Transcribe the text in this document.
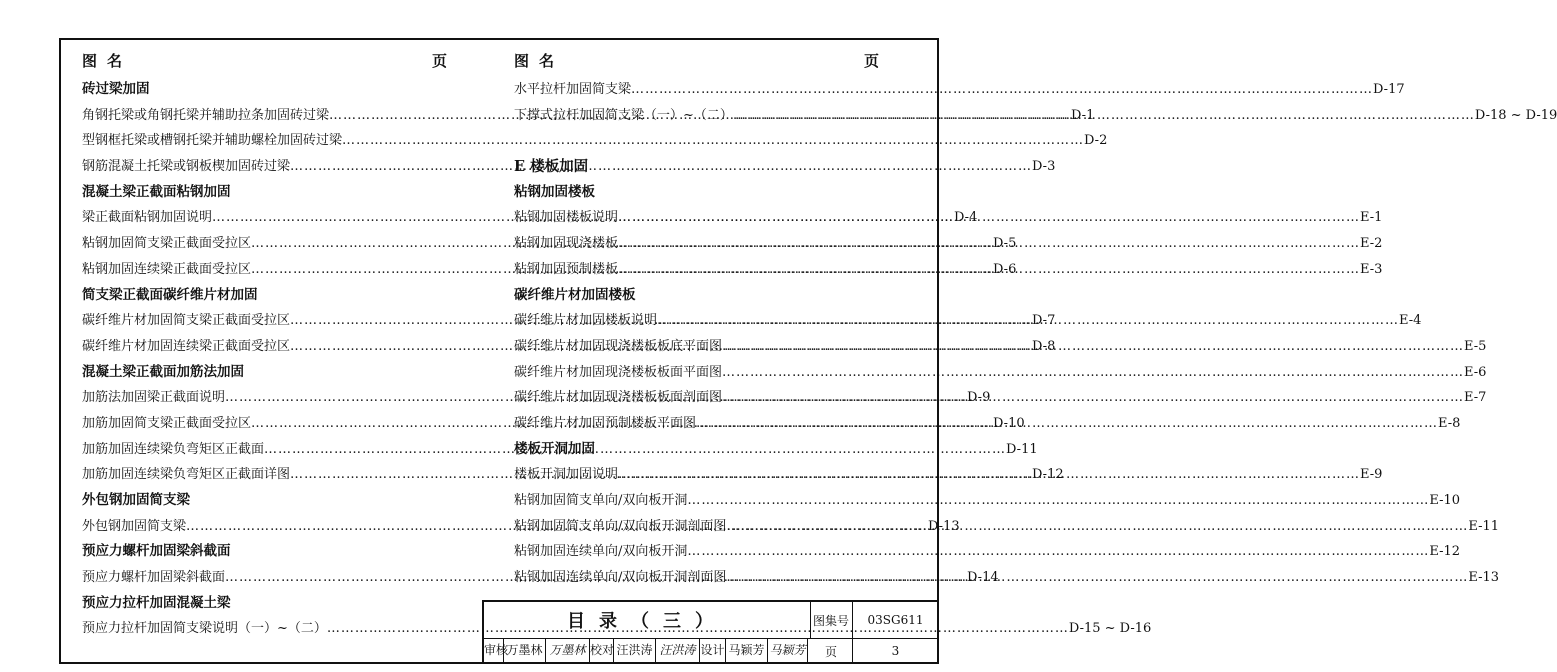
图名	页
砖过梁加固
角钢托梁或角钢托梁并辅助拉条加固砖过梁 ……………………………………………………………………………………………………………………………………………	D-1
型钢框托梁或槽钢托梁并辅助螺栓加固砖过梁 ……………………………………………………………………………………………………………………………………………	D-2
钢筋混凝土托梁或钢板楔加固砖过梁 ……………………………………………………………………………………………………………………………………………	D-3
混凝土梁正截面粘钢加固
梁正截面粘钢加固说明 ……………………………………………………………………………………………………………………………………………	D-4
粘钢加固简支梁正截面受拉区 ……………………………………………………………………………………………………………………………………………	D-5
粘钢加固连续梁正截面受拉区 ……………………………………………………………………………………………………………………………………………	D-6
简支梁正截面碳纤维片材加固
碳纤维片材加固简支梁正截面受拉区 ……………………………………………………………………………………………………………………………………………	D-7
碳纤维片材加固连续梁正截面受拉区 ……………………………………………………………………………………………………………………………………………	D-8
混凝土梁正截面加筋法加固
加筋法加固梁正截面说明 ……………………………………………………………………………………………………………………………………………	D-9
加筋加固简支梁正截面受拉区 ……………………………………………………………………………………………………………………………………………	D-10
加筋加固连续梁负弯矩区正截面 ……………………………………………………………………………………………………………………………………………	D-11
加筋加固连续梁负弯矩区正截面详图 ……………………………………………………………………………………………………………………………………………	D-12
外包钢加固简支梁
外包钢加固简支梁 ……………………………………………………………………………………………………………………………………………	D-13
预应力螺杆加固梁斜截面
预应力螺杆加固梁斜截面 ……………………………………………………………………………………………………………………………………………	D-14
预应力拉杆加固混凝土梁
预应力拉杆加固简支梁说明（一）~（二） ……………………………………………………………………………………………………………………………………………	D-15 ~ D-16
图名	页
水平拉杆加固简支梁 ……………………………………………………………………………………………………………………………………………	D-17
下撑式拉杆加固简支梁（一）~（二） ……………………………………………………………………………………………………………………………………………	D-18 ~ D-19
E 楼板加固
粘钢加固楼板
粘钢加固楼板说明 ……………………………………………………………………………………………………………………………………………	E-1
粘钢加固现浇楼板 ……………………………………………………………………………………………………………………………………………	E-2
粘钢加固预制楼板 ……………………………………………………………………………………………………………………………………………	E-3
碳纤维片材加固楼板
碳纤维片材加固楼板说明 ……………………………………………………………………………………………………………………………………………	E-4
碳纤维片材加固现浇楼板板底平面图 ……………………………………………………………………………………………………………………………………………	E-5
碳纤维片材加固现浇楼板板面平面图 ……………………………………………………………………………………………………………………………………………	E-6
碳纤维片材加固现浇楼板板面剖面图 ……………………………………………………………………………………………………………………………………………	E-7
碳纤维片材加固预制楼板平面图 ……………………………………………………………………………………………………………………………………………	E-8
楼板开洞加固
楼板开洞加固说明 ……………………………………………………………………………………………………………………………………………	E-9
粘钢加固简支单向/双向板开洞 ……………………………………………………………………………………………………………………………………………	E-10
粘钢加固简支单向/双向板开洞剖面图 ……………………………………………………………………………………………………………………………………………	E-11
粘钢加固连续单向/双向板开洞 ……………………………………………………………………………………………………………………………………………	E-12
粘钢加固连续单向/双向板开洞剖面图 ……………………………………………………………………………………………………………………………………………	E-13
目录（三）	图集号	03SG611
页	3
审核
万墨林 万墨林 校对 汪洪涛 汪洪涛 设计 马颖芳 马颖芳
